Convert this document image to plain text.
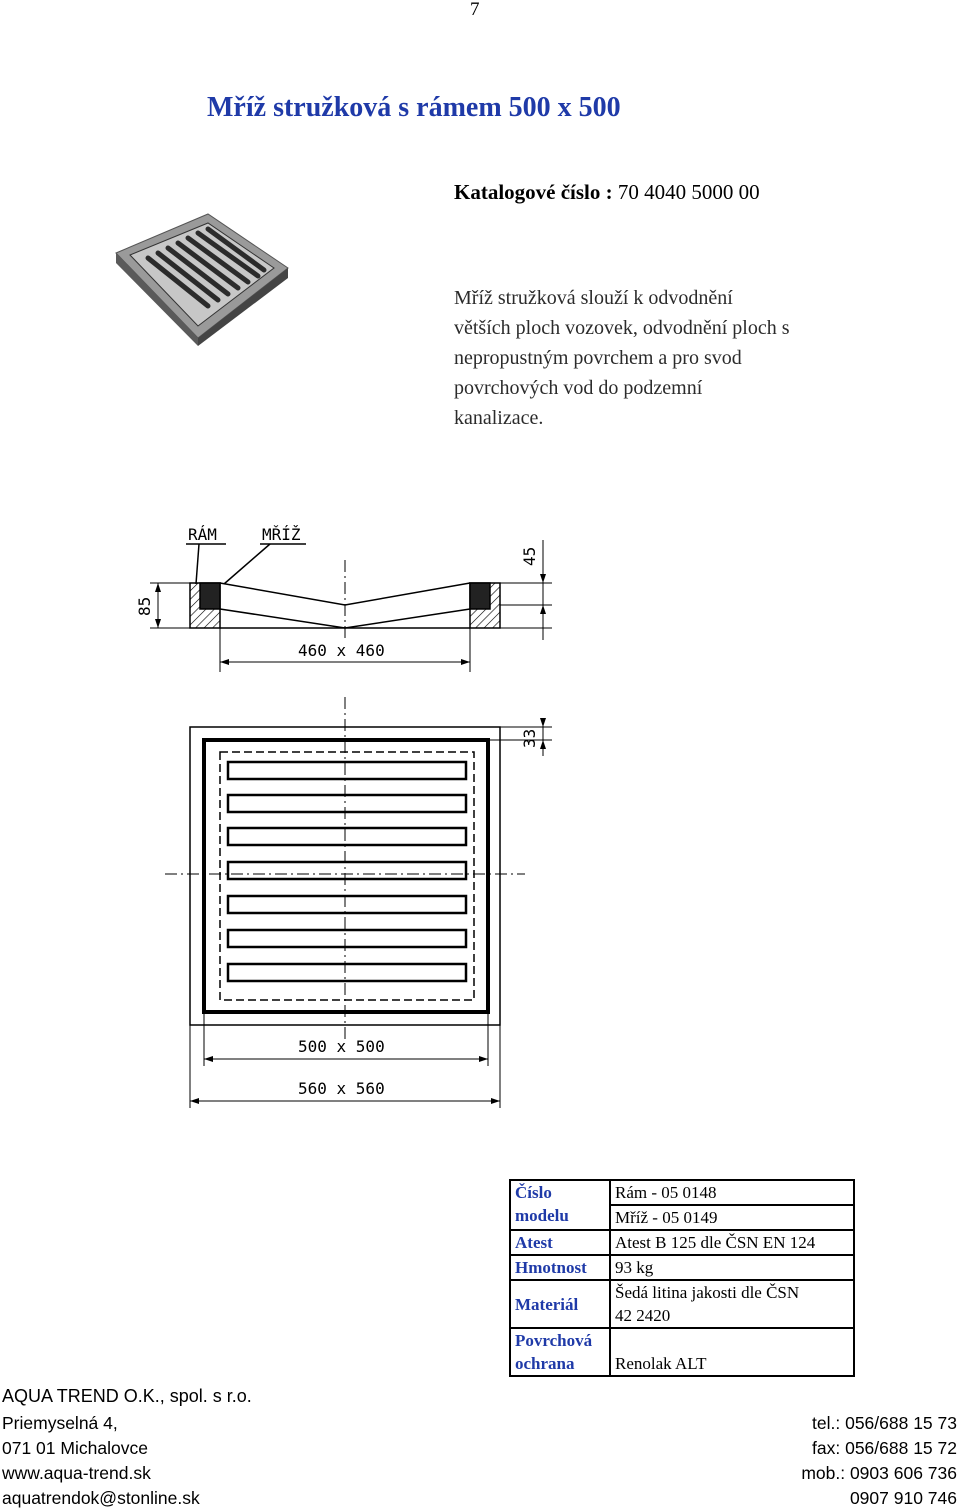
7
Mříž stružková s rámem 500 x 500
Katalogové číslo : 70 4040 5000 00
Mříž stružková slouží k odvodnění
větších ploch vozovek, odvodnění ploch s
nepropustným povrchem a pro svod
povrchových vod do podzemní
kanalizace.
RÁM	MŘÍŽ
460 x 460
500 x 500
560 x 560
85
45
33
Číslo modelu	Rám - 05 0148
	Mříž - 05 0149
Atest	Atest B 125 dle ČSN EN 124
Hmotnost	93 kg
Materiál	Šedá litina jakosti dle ČSN
42 2420

Povrchová ochrana	Renolak ALT
AQUA TREND O.K., spol. s r.o.
Priemyselná 4,	tel.: 056/688 15 73
071 01 Michalovce	fax: 056/688 15 72
www.aqua-trend.sk	mob.: 0903 606 736
aquatrendok@stonline.sk	0907 910 746
